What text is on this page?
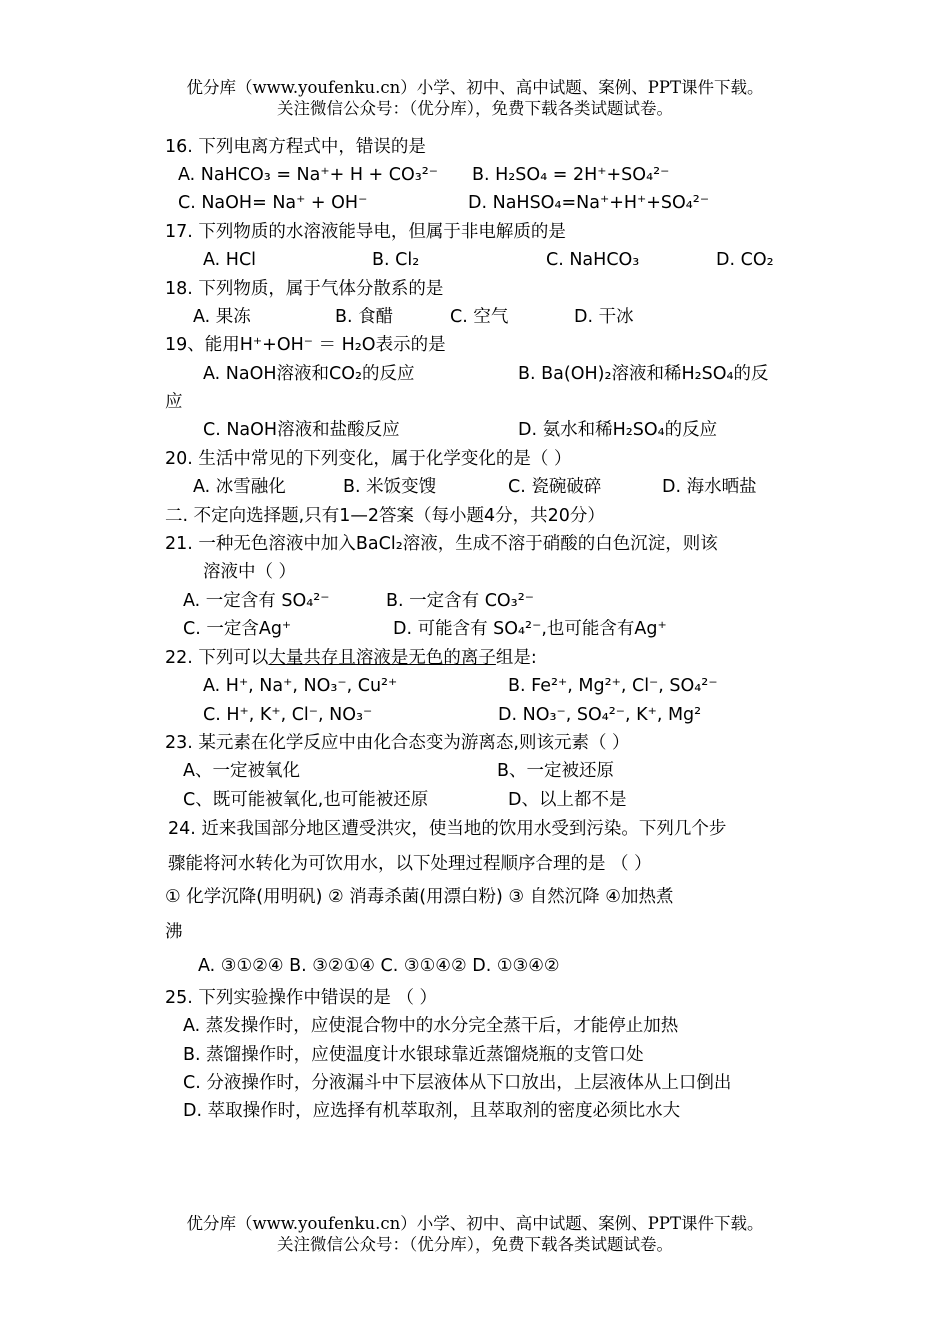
优分库（www.youfenku.cn）小学、初中、高中试题、案例、PPT课件下载。
关注微信公众号：（优分库），免费下载各类试题试卷。
16. 下列电离方程式中，错误的是
A. NaHCO₃ = Na⁺+ H + CO₃²⁻ B. H₂SO₄ = 2H⁺+SO₄²⁻
C. NaOH= Na⁺ + OH⁻	D. NaHSO₄=Na⁺+H⁺+SO₄²⁻
17. 下列物质的水溶液能导电，但属于非电解质的是
A. HCl	B. Cl₂	C. NaHCO₃	D. CO₂
18. 下列物质，属于气体分散系的是
A. 果冻	B. 食醋	C. 空气	D. 干冰
19、能用H⁺+OH⁻ ＝ H₂O表示的是
A. NaOH溶液和CO₂的反应	B. Ba(OH)₂溶液和稀H₂SO₄的反
应
C. NaOH溶液和盐酸反应	D. 氨水和稀H₂SO₄的反应
20. 生活中常见的下列变化，属于化学变化的是（ ）
A. 冰雪融化	B. 米饭变馊	C. 瓷碗破碎	D. 海水晒盐
二. 不定向选择题,只有1—2答案（每小题4分，共20分）
21. 一种无色溶液中加入BaCl₂溶液，生成不溶于硝酸的白色沉淀，则该
溶液中（ ）
A. 一定含有 SO₄²⁻	B. 一定含有 CO₃²⁻
C. 一定含Ag⁺	D. 可能含有 SO₄²⁻,也可能含有Ag⁺
22. 下列可以大量共存且溶液是无色的离子组是:
A. H⁺, Na⁺, NO₃⁻, Cu²⁺	B. Fe²⁺, Mg²⁺, Cl⁻, SO₄²⁻
C. H⁺, K⁺, Cl⁻, NO₃⁻	D. NO₃⁻, SO₄²⁻, K⁺, Mg²
23. 某元素在化学反应中由化合态变为游离态,则该元素（ ）
A、一定被氧化	B、一定被还原
C、既可能被氧化,也可能被还原	D、以上都不是
24. 近来我国部分地区遭受洪灾，使当地的饮用水受到污染。下列几个步
骤能将河水转化为可饮用水，以下处理过程顺序合理的是 （ ）
① 化学沉降(用明矾) ② 消毒杀菌(用漂白粉) ③ 自然沉降 ④加热煮
沸
A. ③①②④ B. ③②①④ C. ③①④② D. ①③④②
25. 下列实验操作中错误的是 （ ）
A. 蒸发操作时，应使混合物中的水分完全蒸干后，才能停止加热
B. 蒸馏操作时，应使温度计水银球靠近蒸馏烧瓶的支管口处
C. 分液操作时，分液漏斗中下层液体从下口放出，上层液体从上口倒出
D. 萃取操作时，应选择有机萃取剂，且萃取剂的密度必须比水大
优分库（www.youfenku.cn）小学、初中、高中试题、案例、PPT课件下载。
关注微信公众号：（优分库），免费下载各类试题试卷。
